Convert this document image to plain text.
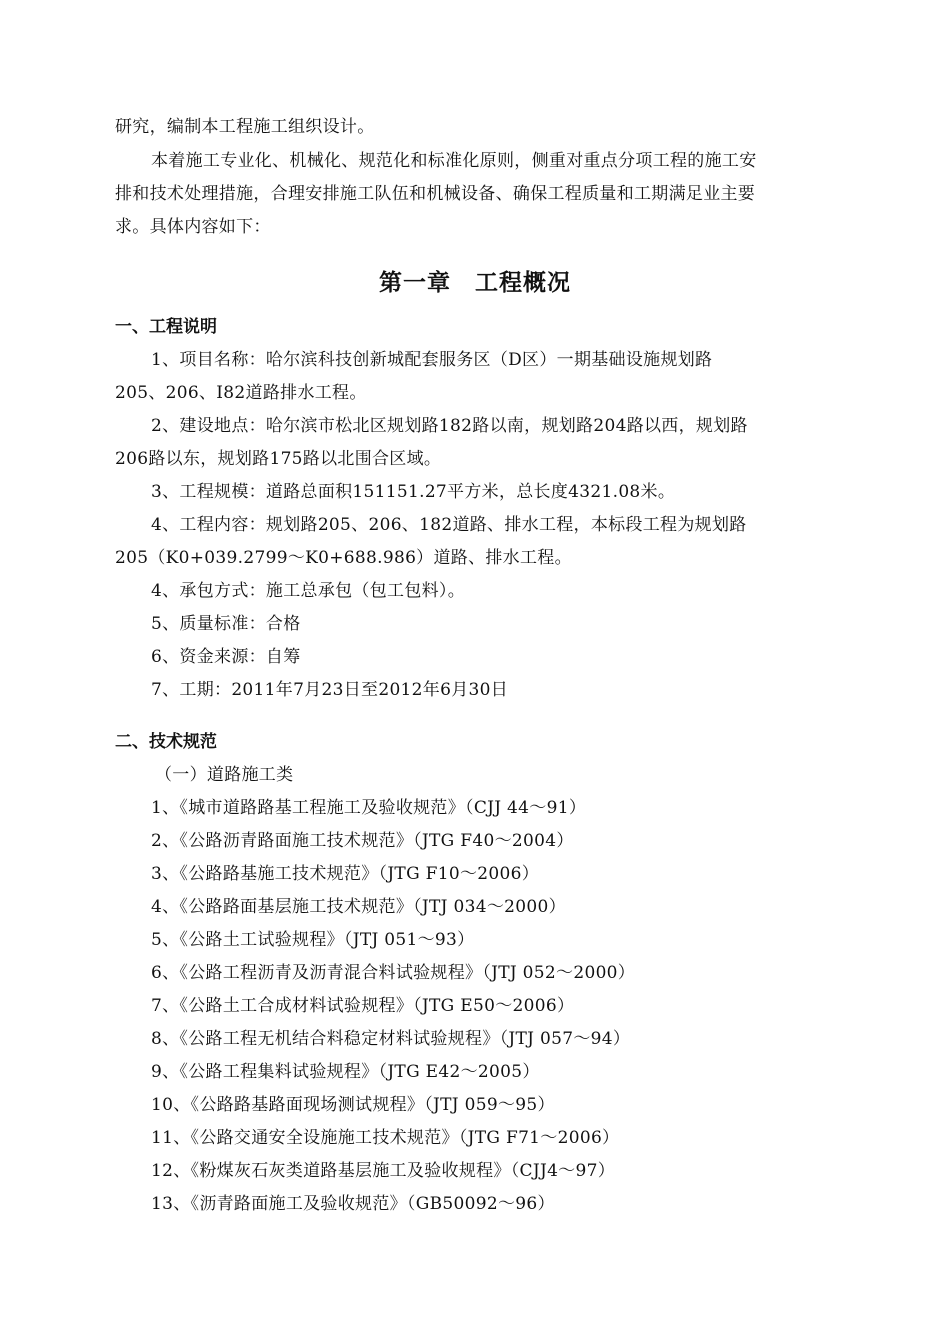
研究，编制本工程施工组织设计。
本着施工专业化、机械化、规范化和标准化原则，侧重对重点分项工程的施工安
排和技术处理措施，合理安排施工队伍和机械设备、确保工程质量和工期满足业主要
求。具体内容如下：
第一章　工程概况
一、工程说明
1、项目名称：哈尔滨科技创新城配套服务区（D区）一期基础设施规划路
205、206、I82道路排水工程。
2、建设地点：哈尔滨市松北区规划路182路以南，规划路204路以西，规划路
206路以东，规划路175路以北围合区域。
3、工程规模：道路总面积151151.27平方米，总长度4321.08米。
4、工程内容：规划路205、206、182道路、排水工程，本标段工程为规划路
205（K0+039.2799～K0+688.986）道路、排水工程。
4、承包方式：施工总承包（包工包料）。
5、质量标准：合格
6、资金来源：自筹
7、工期：2011年7月23日至2012年6月30日
二、技术规范
（一）道路施工类
1、《城市道路路基工程施工及验收规范》（CJJ 44～91）
2、《公路沥青路面施工技术规范》（JTG F40～2004）
3、《公路路基施工技术规范》（JTG F10～2006）
4、《公路路面基层施工技术规范》（JTJ 034～2000）
5、《公路土工试验规程》（JTJ 051～93）
6、《公路工程沥青及沥青混合料试验规程》（JTJ 052～2000）
7、《公路土工合成材料试验规程》（JTG E50～2006）
8、《公路工程无机结合料稳定材料试验规程》（JTJ 057～94）
9、《公路工程集料试验规程》（JTG E42～2005）
10、《公路路基路面现场测试规程》（JTJ 059～95）
11、《公路交通安全设施施工技术规范》（JTG F71～2006）
12、《粉煤灰石灰类道路基层施工及验收规程》（CJJ4～97）
13、《沥青路面施工及验收规范》（GB50092～96）
